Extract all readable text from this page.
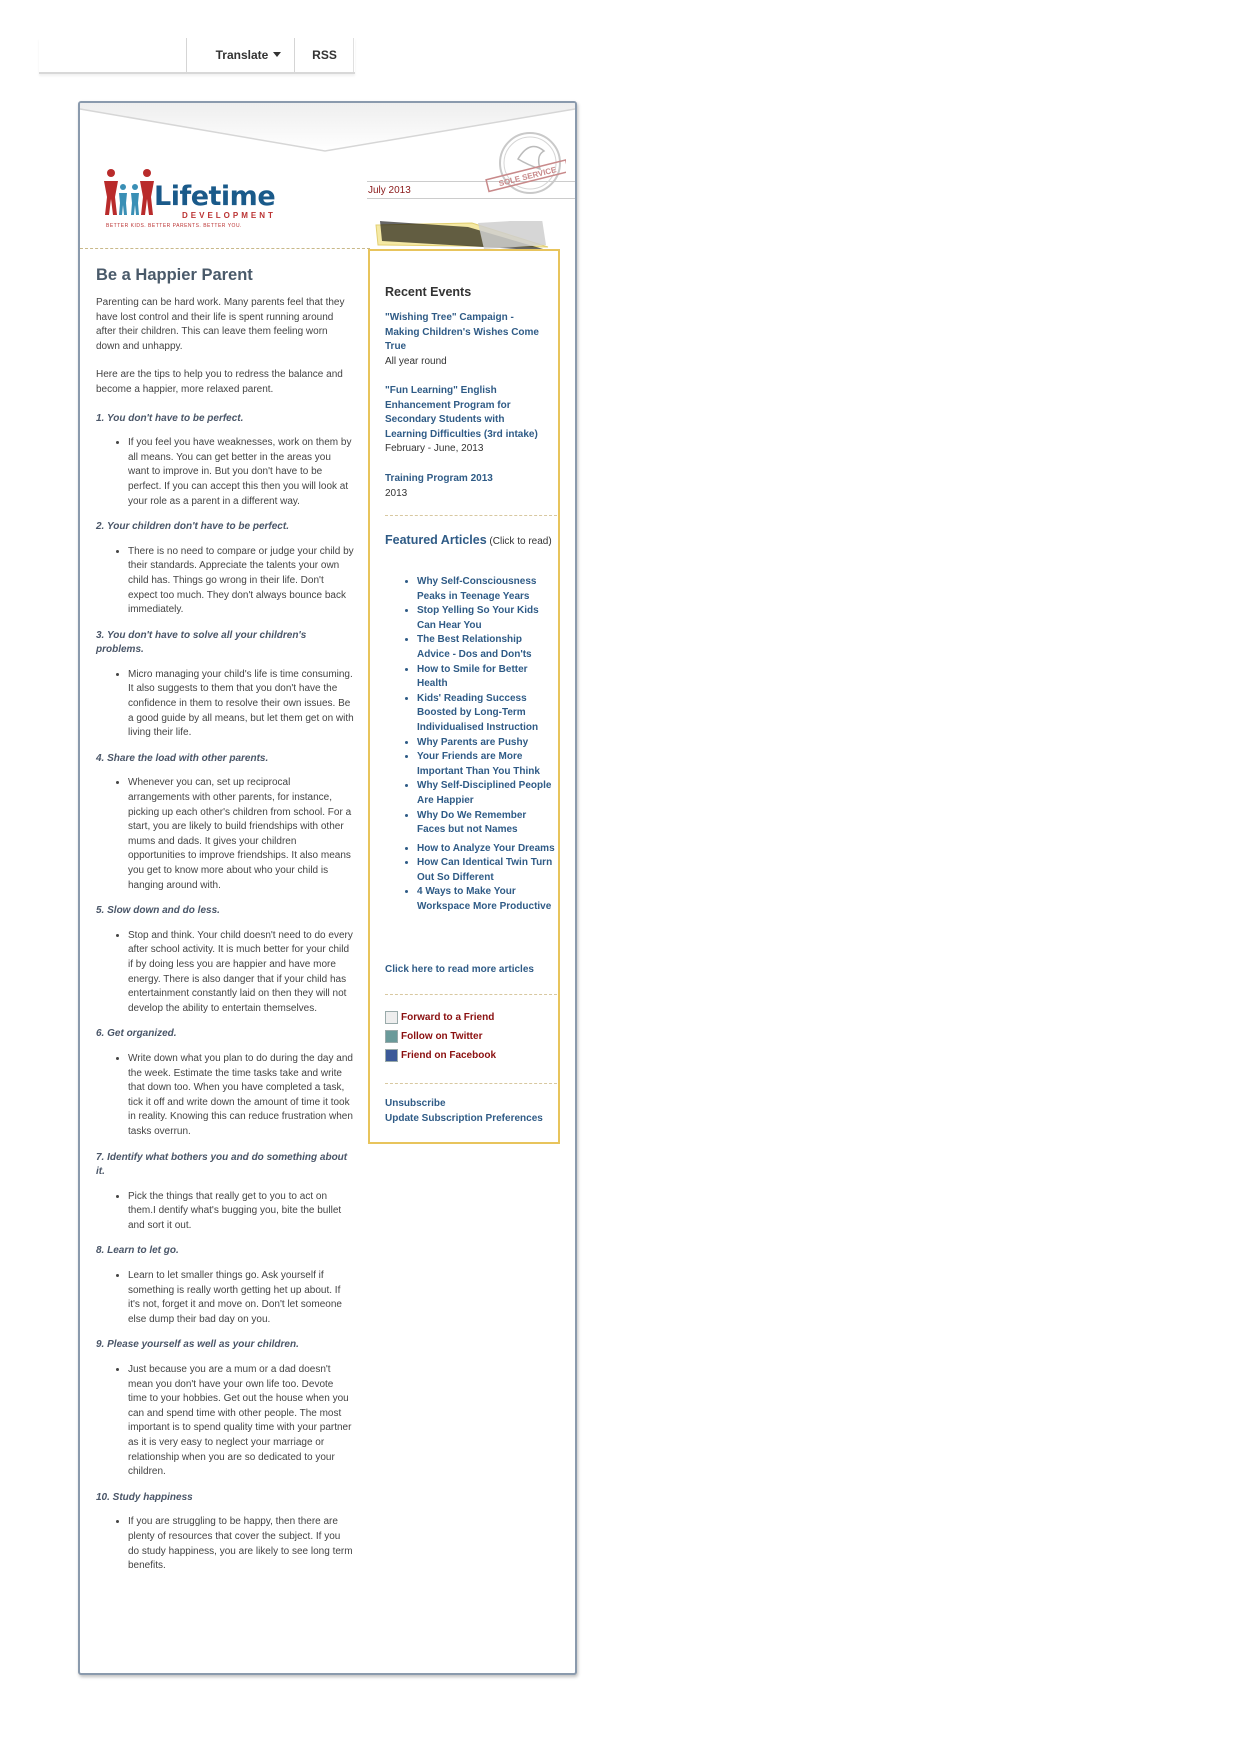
Translate	RSS
Lifetime
DEVELOPMENT
BETTER KIDS. BETTER PARENTS. BETTER YOU.
July 2013
SOLE SERVICE
Be a Happier Parent

Parenting can be hard work. Many parents feel that they have lost control and their life is spent running around after their children. This can leave them feeling worn down and unhappy.

Here are the tips to help you to redress the balance and become a happier, more relaxed parent.

1. You don't have to be perfect.
• If you feel you have weaknesses, work on them by all means. You can get better in the areas you want to improve in. But you don't have to be perfect. If you can accept this then you will look at your role as a parent in a different way.
2. Your children don't have to be perfect.
• There is no need to compare or judge your child by their standards. Appreciate the talents your own child has. Things go wrong in their life. Don't expect too much. They don't always bounce back immediately.
3. You don't have to solve all your children's problems.
• Micro managing your child's life is time consuming. It also suggests to them that you don't have the confidence in them to resolve their own issues. Be a good guide by all means, but let them get on with living their life.
4. Share the load with other parents.
• Whenever you can, set up reciprocal arrangements with other parents, for instance, picking up each other's children from school. For a start, you are likely to build friendships with other mums and dads. It gives your children opportunities to improve friendships. It also means you get to know more about who your child is hanging around with.
5. Slow down and do less.
• Stop and think. Your child doesn't need to do every after school activity. It is much better for your child if by doing less you are happier and have more energy. There is also danger that if your child has entertainment constantly laid on then they will not develop the ability to entertain themselves.
6. Get organized.
• Write down what you plan to do during the day and the week. Estimate the time tasks take and write that down too. When you have completed a task, tick it off and write down the amount of time it took in reality. Knowing this can reduce frustration when tasks overrun.
7. Identify what bothers you and do something about it.
• Pick the things that really get to you to act on them.I dentify what's bugging you, bite the bullet and sort it out.
8. Learn to let go.
• Learn to let smaller things go. Ask yourself if something is really worth getting het up about. If it's not, forget it and move on. Don't let someone else dump their bad day on you.
9. Please yourself as well as your children.
• Just because you are a mum or a dad doesn't mean you don't have your own life too. Devote time to your hobbies. Get out the house when you can and spend time with other people. The most important is to spend quality time with your partner as it is very easy to neglect your marriage or relationship when you are so dedicated to your children.
10. Study happiness
• If you are struggling to be happy, then there are plenty of resources that cover the subject. If you do study happiness, you are likely to see long term benefits.
Recent Events
"Wishing Tree" Campaign - Making Children's Wishes Come True
All year round
"Fun Learning" English Enhancement Program for Secondary Students with Learning Difficulties (3rd intake)
February - June, 2013
Training Program 2013
2013
Featured Articles (Click to read)
• Why Self-Consciousness Peaks in Teenage Years
• Stop Yelling So Your Kids Can Hear You
• The Best Relationship Advice - Dos and Don'ts
• How to Smile for Better Health
• Kids' Reading Success Boosted by Long-Term Individualised Instruction
• Why Parents are Pushy
• Your Friends are More Important Than You Think
• Why Self-Disciplined People Are Happier
• Why Do We Remember Faces but not Names
• How to Analyze Your Dreams
• How Can Identical Twin Turn Out So Different
• 4 Ways to Make Your Workspace More Productive
Click here to read more articles
Forward to a Friend
Follow on Twitter
Friend on Facebook
Unsubscribe
Update Subscription Preferences
